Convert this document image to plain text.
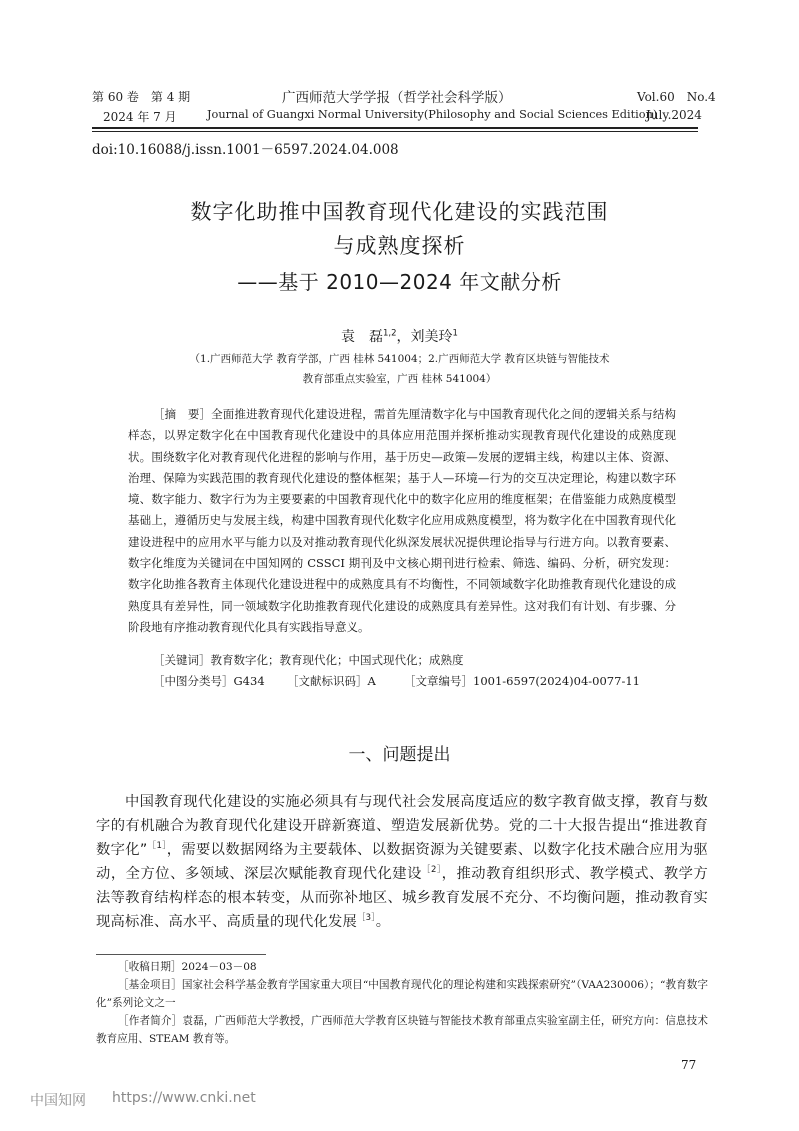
第 60 卷　第 4 期	广西师范大学学报（哲学社会科学版）	Vol.60　No.4
2024 年 7 月	Journal of Guangxi Normal University(Philosophy and Social Sciences Edition)
July.2024
doi:10.16088/j.issn.1001－6597.2024.04.008
数字化助推中国教育现代化建设的实践范围
与成熟度探析
——基于 2010—2024 年文献分析
袁　磊$^{1,2}$，刘美玲$^1$
（1.广西师范大学 教育学部，广西 桂林 541004；2.广西师范大学 教育区块链与智能技术
教育部重点实验室，广西 桂林 541004）
［摘　要］全面推进教育现代化建设进程，需首先厘清数字化与中国教育现代化之间的逻辑关系与结构样态，以界定数字化在中国教育现代化建设中的具体应用范围并探析推动实现教育现代化建设的成熟度现状。围绕数字化对教育现代化进程的影响与作用，基于历史—政策—发展的逻辑主线，构建以主体、资源、治理、保障为实践范围的教育现代化建设的整体框架；基于人—环境—行为的交互决定理论，构建以数字环境、数字能力、数字行为为主要要素的中国教育现代化中的数字化应用的维度框架；在借鉴能力成熟度模型基础上，遵循历史与发展主线，构建中国教育现代化数字化应用成熟度模型，将为数字化在中国教育现代化建设进程中的应用水平与能力以及对推动教育现代化纵深发展状况提供理论指导与行进方向。以教育要素、数字化维度为关键词在中国知网的 CSSCI 期刊及中文核心期刊进行检索、筛选、编码、分析，研究发现：数字化助推各教育主体现代化建设进程中的成熟度具有不均衡性，不同领域数字化助推教育现代化建设的成熟度具有差异性，同一领域数字化助推教育现代化建设的成熟度具有差异性。这对我们有计划、有步骤、分阶段地有序推动教育现代化具有实践指导意义。
［关键词］教育数字化；教育现代化；中国式现代化；成熟度
［中图分类号］G434 ［文献标识码］A ［文章编号］1001-6597(2024)04-0077-11
一、问题提出
中国教育现代化建设的实施必须具有与现代社会发展高度适应的数字教育做支撑，教育与数字的有机融合为教育现代化建设开辟新赛道、塑造发展新优势。党的二十大报告提出“推进教育数字化”$^{[1]}$，需要以数据网络为主要载体、以数据资源为关键要素、以数字化技术融合应用为驱动，全方位、多领域、深层次赋能教育现代化建设$^{[2]}$，推动教育组织形式、教学模式、教学方法等教育结构样态的根本转变，从而弥补地区、城乡教育发展不充分、不均衡问题，推动教育实现高标准、高水平、高质量的现代化发展$^{[3]}$。
［收稿日期］2024－03－08
［基金项目］国家社会科学基金教育学国家重大项目“中国教育现代化的理论构建和实践探索研究”（VAA230006）；“教育数字化”系列论文之一
［作者简介］袁磊，广西师范大学教授，广西师范大学教育区块链与智能技术教育部重点实验室副主任，研究方向：信息技术教育应用、STEAM 教育等。
77
中国知网 https://www.cnki.net
